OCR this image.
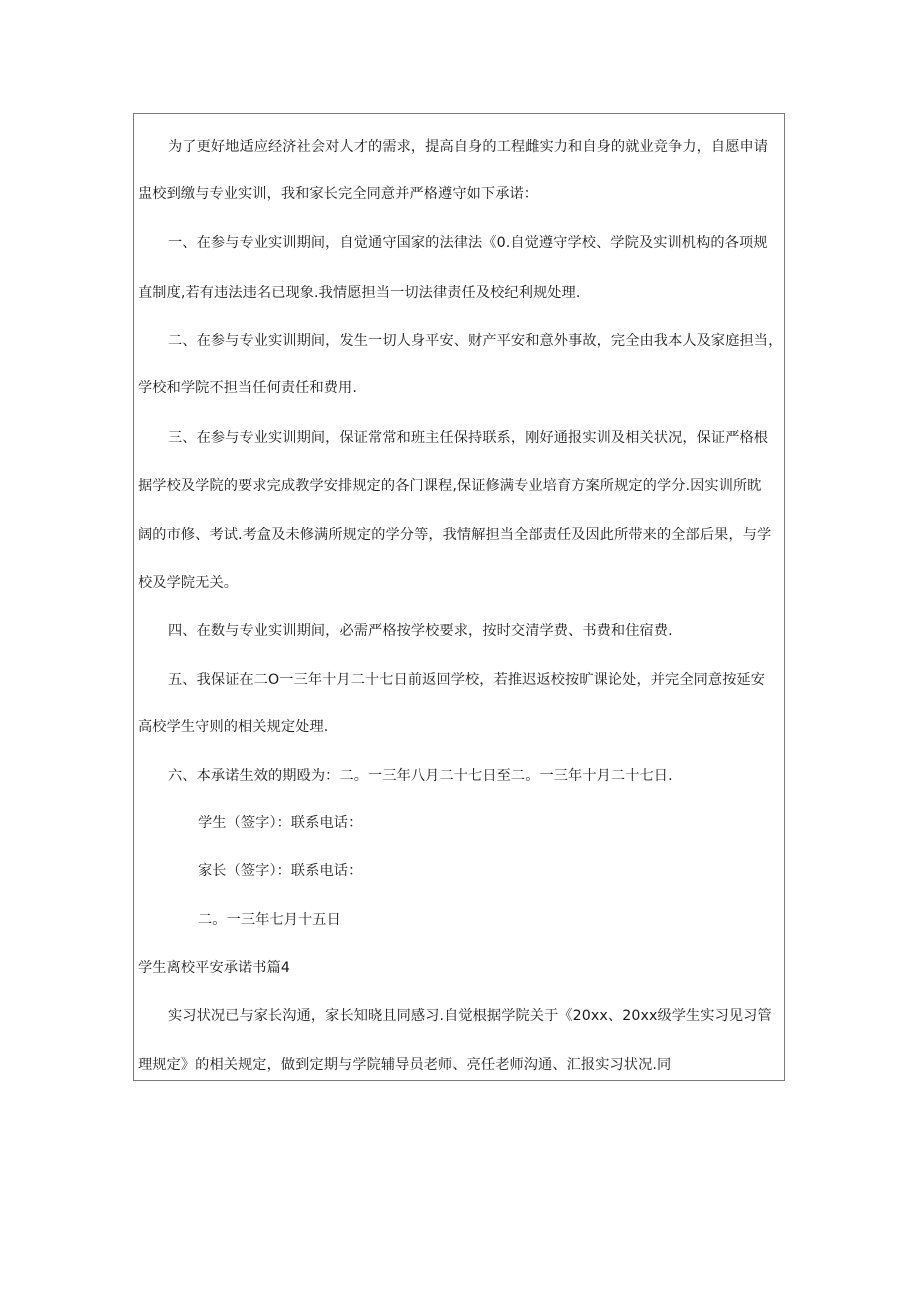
为了更好地适应经济社会对人才的需求，提高自身的工程雌实力和自身的就业竞争力，自愿申请
盅校到缴与专业实训，我和家长完全同意并严格遵守如下承诺：
一、在参与专业实训期间，自觉通守国家的法律法《0.自觉遵守学校、学院及实训机构的各项规
直制度,若有违法违名已现象.我情愿担当一切法律责任及校纪利规处理.
二、在参与专业实训期间，发生一切人身平安、财产平安和意外事故，完全由我本人及家庭担当，
学校和学院不担当任何责任和费用.
三、在参与专业实训期间，保证常常和班主任保持联系，刚好通报实训及相关状况，保证严格根
据学校及学院的要求完成教学安排规定的各门课程,保证修满专业培育方案所规定的学分.因实训所眈
阔的市修、考试.考盒及未修满所规定的学分等，我情解担当全部责任及因此所带来的全部后果，与学
校及学院无关。
四、在数与专业实训期间，必需严格按学校要求，按时交清学费、书费和住宿费.
五、我保证在二O一三年十月二十七日前返回学校，若推迟返校按旷课论处，并完全同意按延安
高校学生守则的相关规定处理.
六、本承诺生效的期殴为：二。一三年八月二十七日至二。一三年十月二十七日.
学生（签字）：联系电话：
家长（签字）：联系电话：
二。一三年七月十五日
学生离校平安承诺书篇4
实习状况已与家长沟通，家长知晓且同感习.自觉根据学院关于《20xx、20xx级学生实习见习管
理规定》的相关规定，做到定期与学院辅导员老师、亮任老师沟通、汇报实习状况.同
